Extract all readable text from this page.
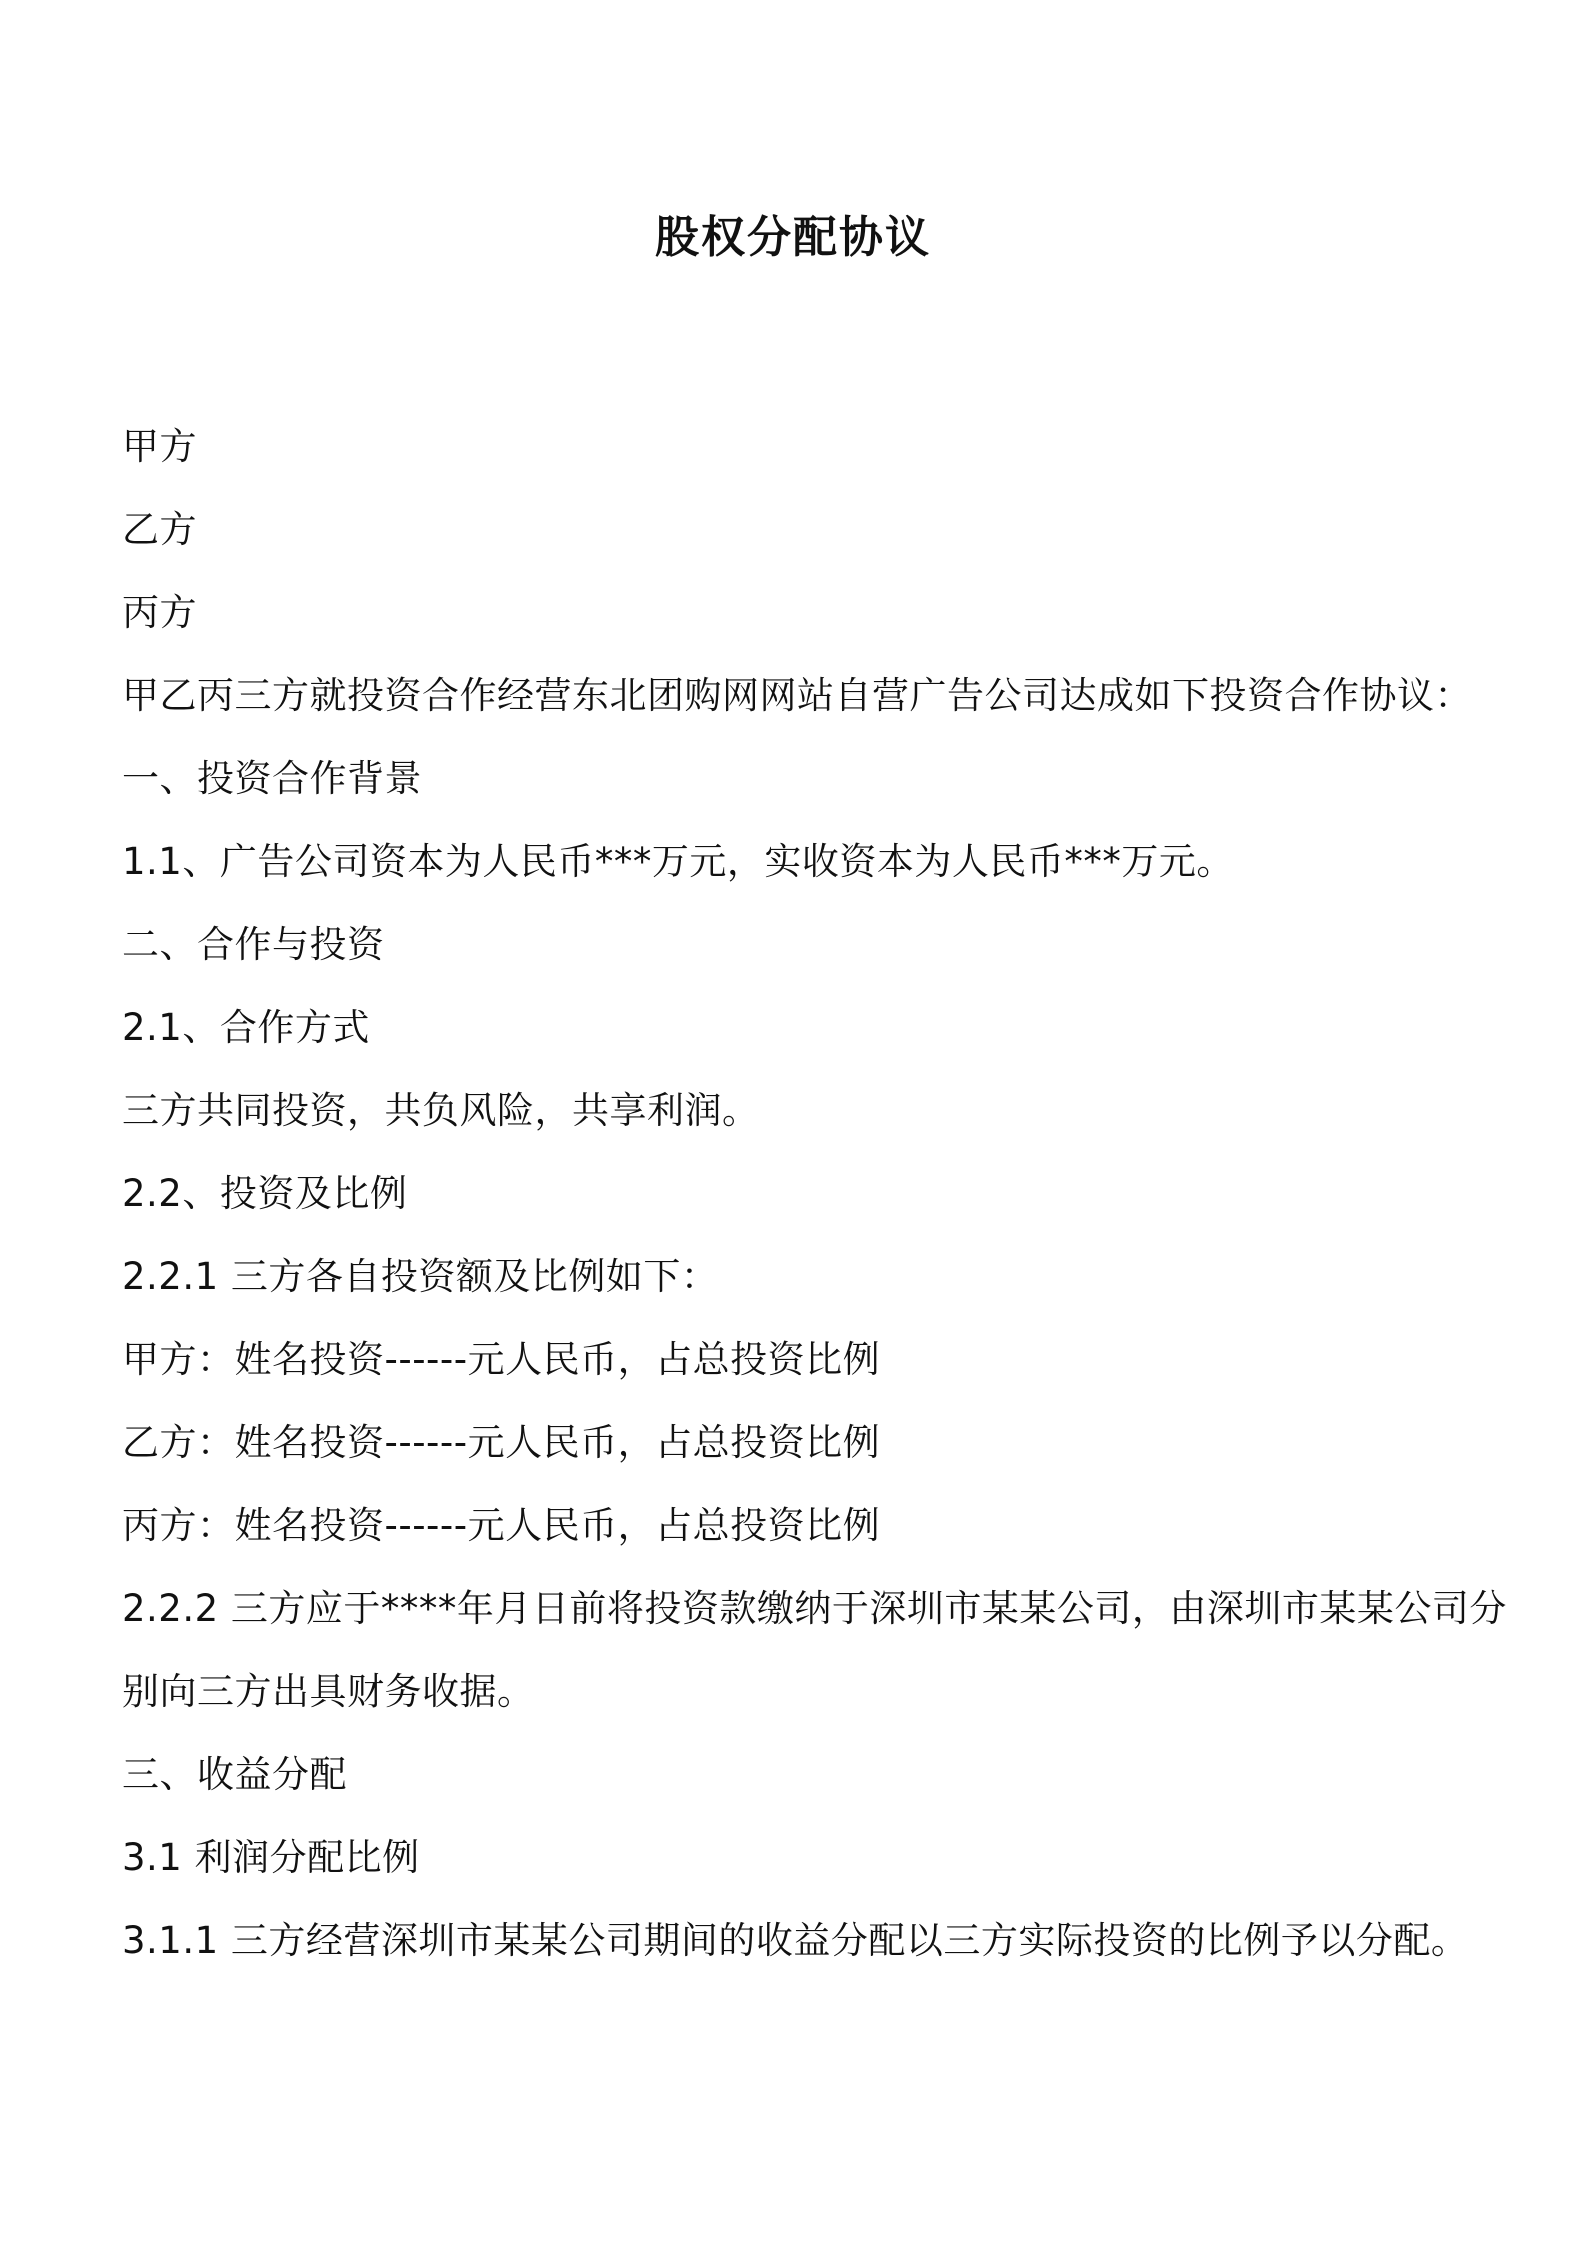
股权分配协议
甲方
乙方
丙方
甲乙丙三方就投资合作经营东北团购网网站自营广告公司达成如下投资合作协议：
一、投资合作背景
1.1、广告公司资本为人民币***万元，实收资本为人民币***万元。
二、合作与投资
2.1、合作方式
三方共同投资，共负风险，共享利润。
2.2、投资及比例
2.2.1 三方各自投资额及比例如下：
甲方：姓名投资------元人民币，占总投资比例
乙方：姓名投资------元人民币，占总投资比例
丙方：姓名投资------元人民币，占总投资比例
2.2.2 三方应于****年月日前将投资款缴纳于深圳市某某公司，由深圳市某某公司分
别向三方出具财务收据。
三、收益分配
3.1 利润分配比例
3.1.1 三方经营深圳市某某公司期间的收益分配以三方实际投资的比例予以分配。
